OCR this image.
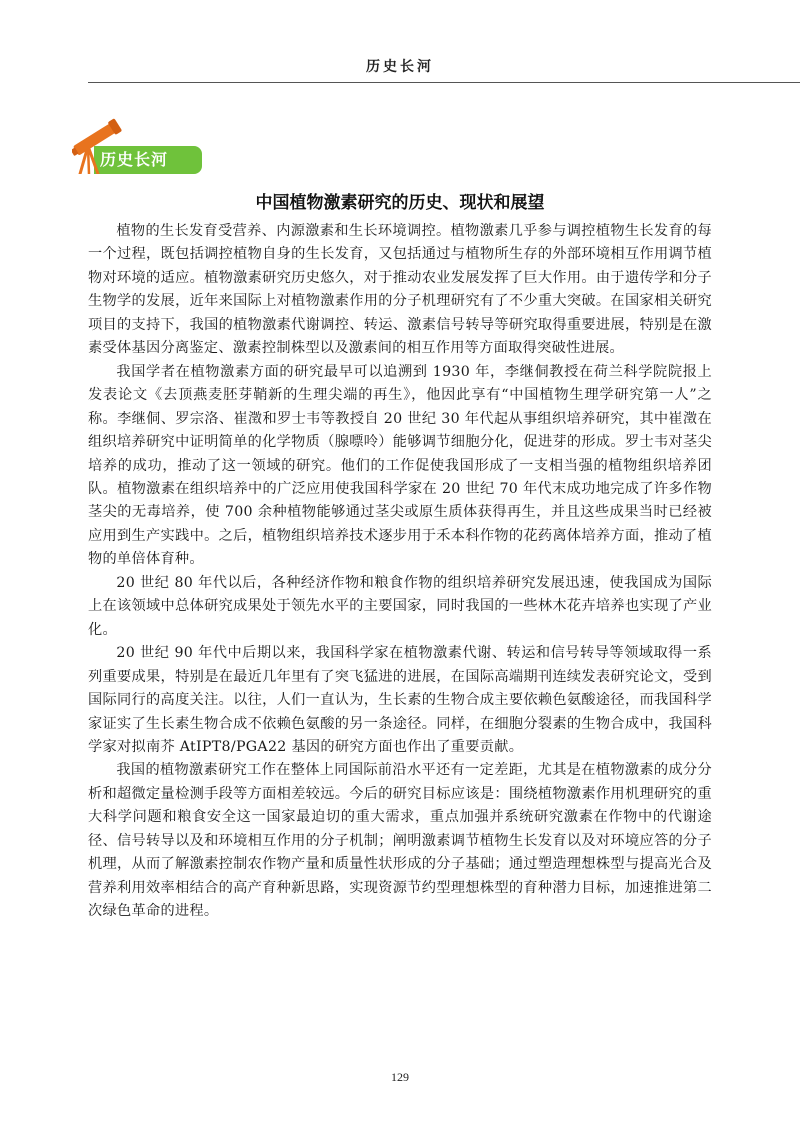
历史长河
历史长河
中国植物激素研究的历史、现状和展望

植物的生长发育受营养、内源激素和生长环境调控。植物激素几乎参与调控植物生长发育的每一个过程，既包括调控植物自身的生长发育，又包括通过与植物所生存的外部环境相互作用调节植物对环境的适应。植物激素研究历史悠久，对于推动农业发展发挥了巨大作用。由于遗传学和分子生物学的发展，近年来国际上对植物激素作用的分子机理研究有了不少重大突破。在国家相关研究项目的支持下，我国的植物激素代谢调控、转运、激素信号转导等研究取得重要进展，特别是在激素受体基因分离鉴定、激素控制株型以及激素间的相互作用等方面取得突破性进展。

我国学者在植物激素方面的研究最早可以追溯到 1930 年，李继侗教授在荷兰科学院院报上发表论文《去顶燕麦胚芽鞘新的生理尖端的再生》，他因此享有“中国植物生理学研究第一人”之称。李继侗、罗宗洛、崔澂和罗士韦等教授自 20 世纪 30 年代起从事组织培养研究，其中崔澂在组织培养研究中证明简单的化学物质（腺嘌呤）能够调节细胞分化，促进芽的形成。罗士韦对茎尖培养的成功，推动了这一领域的研究。他们的工作促使我国形成了一支相当强的植物组织培养团队。植物激素在组织培养中的广泛应用使我国科学家在 20 世纪 70 年代末成功地完成了许多作物茎尖的无毒培养，使 700 余种植物能够通过茎尖或原生质体获得再生，并且这些成果当时已经被应用到生产实践中。之后，植物组织培养技术逐步用于禾本科作物的花药离体培养方面，推动了植物的单倍体育种。

20 世纪 80 年代以后，各种经济作物和粮食作物的组织培养研究发展迅速，使我国成为国际上在该领域中总体研究成果处于领先水平的主要国家，同时我国的一些林木花卉培养也实现了产业化。

20 世纪 90 年代中后期以来，我国科学家在植物激素代谢、转运和信号转导等领域取得一系列重要成果，特别是在最近几年里有了突飞猛进的进展，在国际高端期刊连续发表研究论文，受到国际同行的高度关注。以往，人们一直认为，生长素的生物合成主要依赖色氨酸途径，而我国科学家证实了生长素生物合成不依赖色氨酸的另一条途径。同样，在细胞分裂素的生物合成中，我国科学家对拟南芥 AtIPT8/PGA22 基因的研究方面也作出了重要贡献。

我国的植物激素研究工作在整体上同国际前沿水平还有一定差距，尤其是在植物激素的成分分析和超微定量检测手段等方面相差较远。今后的研究目标应该是：围绕植物激素作用机理研究的重大科学问题和粮食安全这一国家最迫切的重大需求，重点加强并系统研究激素在作物中的代谢途径、信号转导以及和环境相互作用的分子机制；阐明激素调节植物生长发育以及对环境应答的分子机理，从而了解激素控制农作物产量和质量性状形成的分子基础；通过塑造理想株型与提高光合及营养利用效率相结合的高产育种新思路，实现资源节约型理想株型的育种潜力目标，加速推进第二次绿色革命的进程。

129
